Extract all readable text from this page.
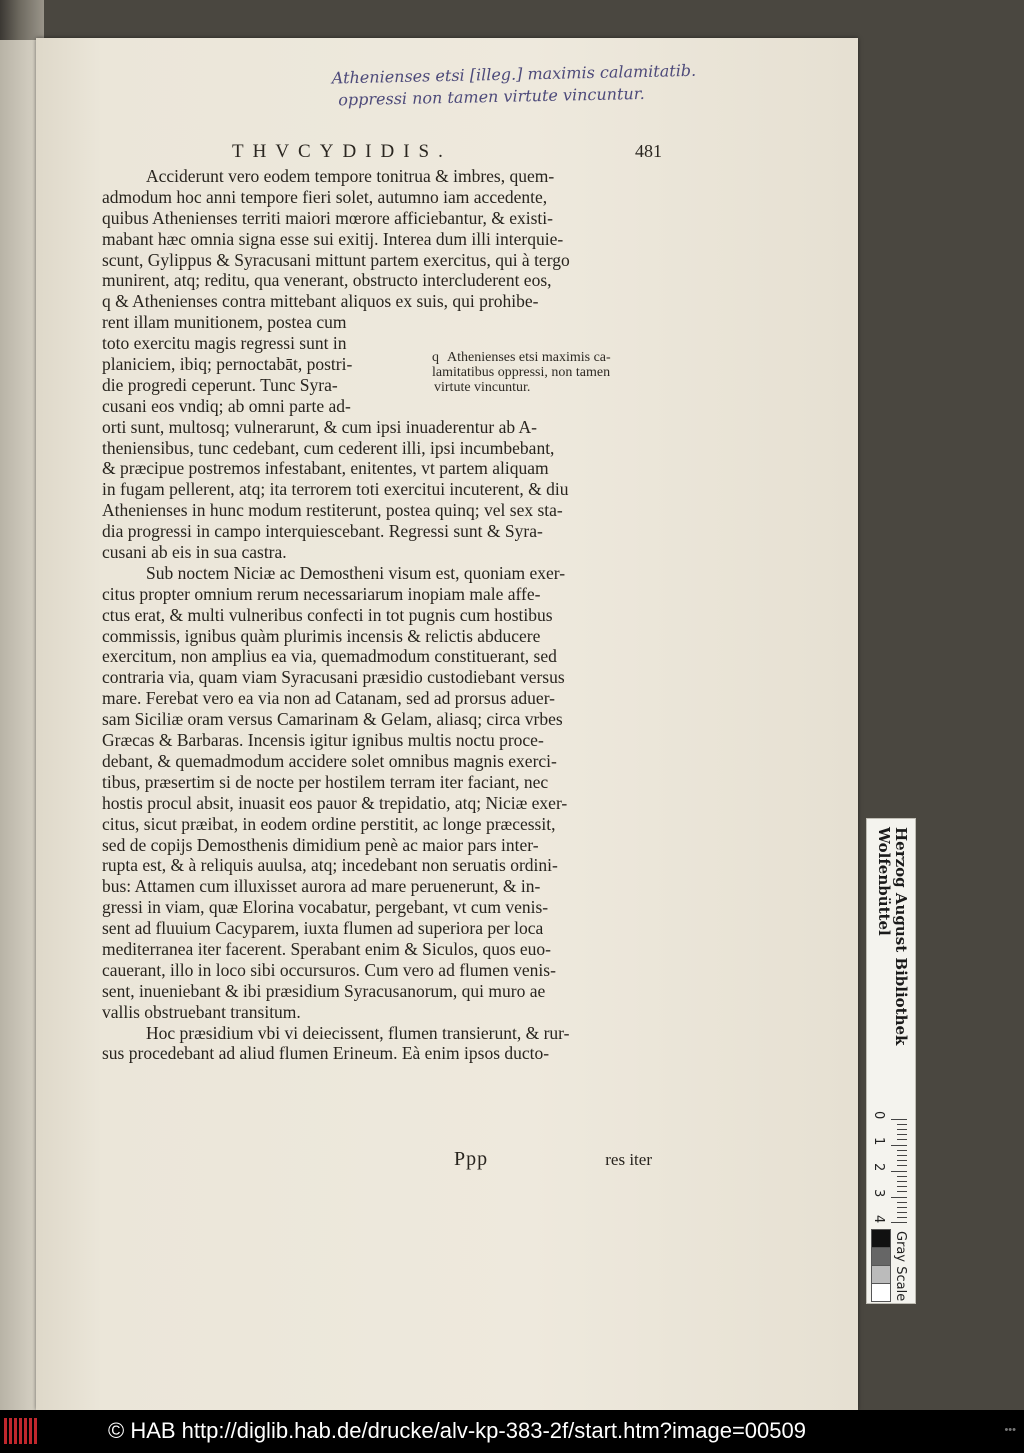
Athenienses etsi [illeg.] maximis calamitatib.
oppressi non tamen virtute vincuntur.
THVCYDIDIS.	481
Acciderunt vero eodem tempore tonitrua & imbres, quem-
admodum hoc anni tempore fieri solet, autumno iam accedente,
quibus Athenienses territi maiori mœrore afficiebantur, & existi-
mabant hæc omnia signa esse sui exitij. Interea dum illi interquie-
scunt, Gylippus & Syracusani mittunt partem exercitus, qui à tergo
munirent, atq; reditu, qua venerant, obstructo intercluderent eos,
q & Athenienses contra mittebant aliquos ex suis, qui prohibe-
rent illam munitionem, postea cum
toto exercitu magis regressi sunt in
planiciem, ibiq; pernoctabāt, postri-
die progredi ceperunt. Tunc Syra-
cusani eos vndiq; ab omni parte ad-
orti sunt, multosq; vulnerarunt, & cum ipsi inuaderentur ab A-
theniensibus, tunc cedebant, cum cederent illi, ipsi incumbebant,
& præcipue postremos infestabant, enitentes, vt partem aliquam
in fugam pellerent, atq; ita terrorem toti exercitui incuterent, & diu
Athenienses in hunc modum restiterunt, postea quinq; vel sex sta-
dia progressi in campo interquiescebant. Regressi sunt & Syra-
cusani ab eis in sua castra.
Sub noctem Niciæ ac Demostheni visum est, quoniam exer-
citus propter omnium rerum necessariarum inopiam male affe-
ctus erat, & multi vulneribus confecti in tot pugnis cum hostibus
commissis, ignibus quàm plurimis incensis & relictis abducere
exercitum, non amplius ea via, quemadmodum constituerant, sed
contraria via, quam viam Syracusani præsidio custodiebant versus
mare. Ferebat vero ea via non ad Catanam, sed ad prorsus aduer-
sam Siciliæ oram versus Camarinam & Gelam, aliasq; circa vrbes
Græcas & Barbaras. Incensis igitur ignibus multis noctu proce-
debant, & quemadmodum accidere solet omnibus magnis exerci-
tibus, præsertim si de nocte per hostilem terram iter faciant, nec
hostis procul absit, inuasit eos pauor & trepidatio, atq; Niciæ exer-
citus, sicut præibat, in eodem ordine perstitit, ac longe præcessit,
sed de copijs Demosthenis dimidium penè ac maior pars inter-
rupta est, & à reliquis auulsa, atq; incedebant non seruatis ordini-
bus: Attamen cum illuxisset aurora ad mare peruenerunt, & in-
gressi in viam, quæ Elorina vocabatur, pergebant, vt cum venis-
sent ad fluuium Cacyparem, iuxta flumen ad superiora per loca
mediterranea iter facerent. Sperabant enim & Siculos, quos euo-
cauerant, illo in loco sibi occursuros. Cum vero ad flumen venis-
sent, inueniebant & ibi præsidium Syracusanorum, qui muro ae
vallis obstruebant transitum.
Hoc præsidium vbi vi deiecissent, flumen transierunt, & rur-
sus procedebant ad aliud flumen Erineum. Eà enim ipsos ducto-
q Athenienses etsi maximis ca-
lamitatibus oppressi, non tamen
virtute vincuntur.
Ppp	res iter
Herzog August Bibliothek Wolfenbüttel
0
1
2
3
4
Gray Scale
© HAB http://diglib.hab.de/drucke/alv-kp-383-2f/start.htm?image=00509	•••
